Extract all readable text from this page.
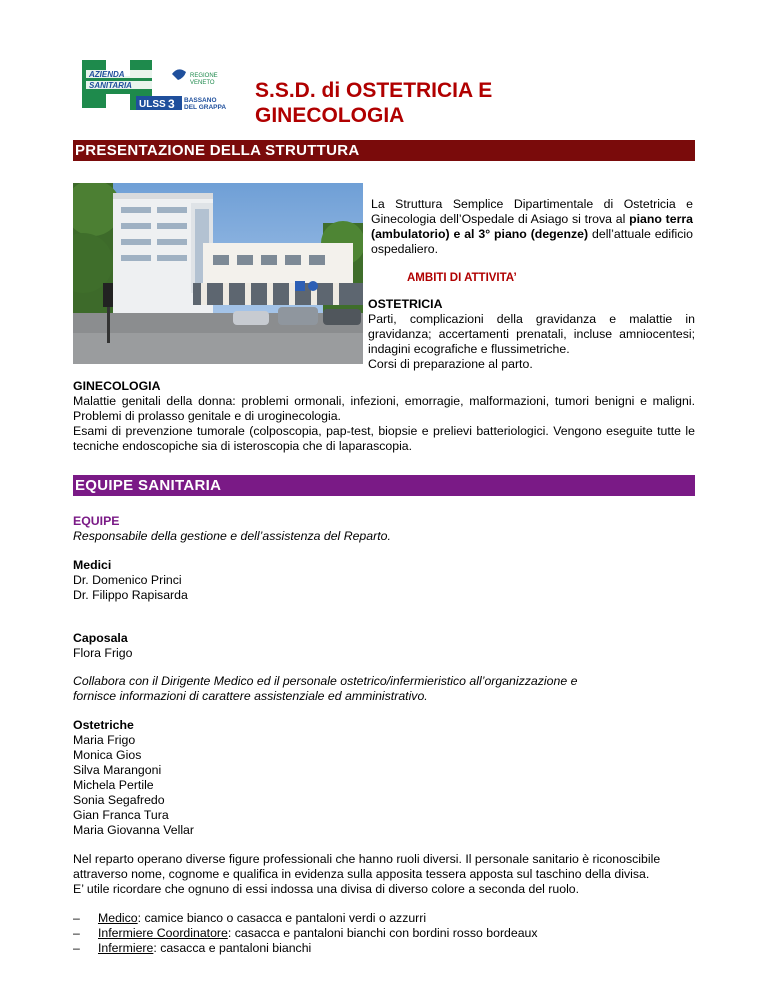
AZIENDA
SANITARIA
REGIONE
VENETO
ULSS 3 BASSANO
DEL GRAPPA
S.S.D. di OSTETRICIA E
GINECOLOGIA
PRESENTAZIONE DELLA STRUTTURA

La Struttura Semplice Dipartimentale di Ostetricia e Ginecologia dell’Ospedale di Asiago si trova al piano terra (ambulatorio) e al 3° piano (degenze) dell’attuale edificio ospedaliero.

AMBITI DI ATTIVITA’

OSTETRICIA

Parti, complicazioni della gravidanza e malattie in gravidanza; accertamenti prenatali, incluse amniocentesi; indagini ecografiche e flussimetriche.

Corsi di preparazione al parto.

GINECOLOGIA

Malattie genitali della donna: problemi ormonali, infezioni, emorragie, malformazioni, tumori benigni e maligni. Problemi di prolasso genitale e di uroginecologia.

Esami di prevenzione tumorale (colposcopia, pap-test, biopsie e prelievi batteriologici. Vengono eseguite tutte le tecniche endoscopiche sia di isteroscopia che di laparascopia.

EQUIPE SANITARIA

EQUIPE

Responsabile della gestione e dell’assistenza del Reparto.

Medici

Dr. Domenico Princi

Dr. Filippo Rapisarda

Caposala

Flora Frigo

Collabora con il Dirigente Medico ed il personale ostetrico/infermieristico all’organizzazione e fornisce informazioni di carattere assistenziale ed amministrativo.

Ostetriche

Maria Frigo

Monica Gios

Silva Marangoni

Michela Pertile

Sonia Segafredo

Gian Franca Tura

Maria Giovanna Vellar

Nel reparto operano diverse figure professionali che hanno ruoli diversi. Il personale sanitario è riconoscibile attraverso nome, cognome e qualifica in evidenza sulla apposita tessera apposta sul taschino della divisa.

E’ utile ricordare che ognuno di essi indossa una divisa di diverso colore a seconda del ruolo.

– Medico: camice bianco o casacca e pantaloni verdi o azzurri
– Infermiere Coordinatore: casacca e pantaloni bianchi con bordini rosso bordeaux
– Infermiere: casacca e pantaloni bianchi
